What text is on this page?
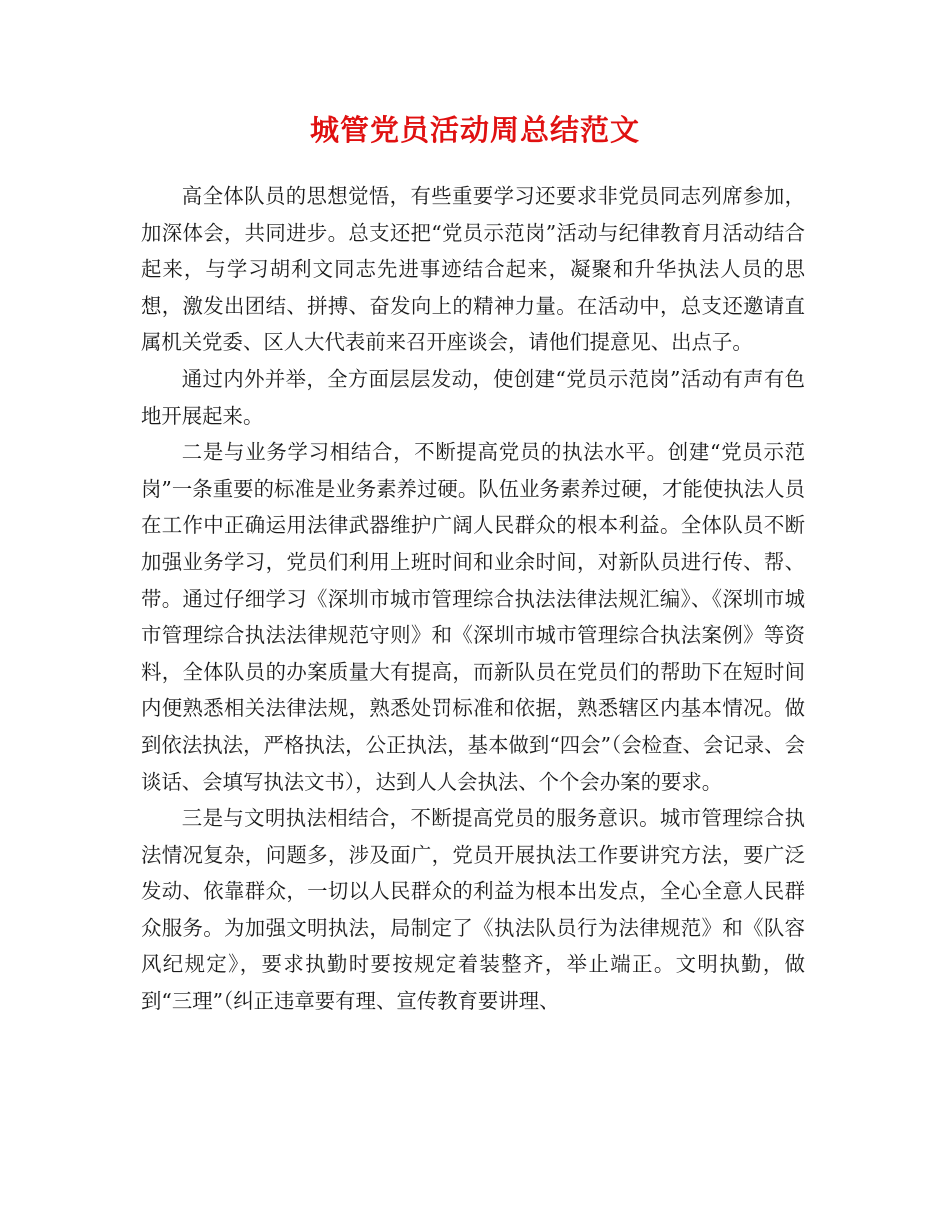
城管党员活动周总结范文

高全体队员的思想觉悟，有些重要学习还要求非党员同志列席参加，加深体会，共同进步。总支还把“党员示范岗”活动与纪律教育月活动结合起来，与学习胡利文同志先进事迹结合起来，凝聚和升华执法人员的思想，激发出团结、拼搏、奋发向上的精神力量。在活动中，总支还邀请直属机关党委、区人大代表前来召开座谈会，请他们提意见、出点子。

通过内外并举，全方面层层发动，使创建“党员示范岗”活动有声有色地开展起来。

二是与业务学习相结合，不断提高党员的执法水平。创建“党员示范岗”一条重要的标准是业务素养过硬。队伍业务素养过硬，才能使执法人员在工作中正确运用法律武器维护广阔人民群众的根本利益。全体队员不断加强业务学习，党员们利用上班时间和业余时间，对新队员进行传、帮、带。通过仔细学习《深圳市城市管理综合执法法律法规汇编》、《深圳市城市管理综合执法法律规范守则》和《深圳市城市管理综合执法案例》等资料，全体队员的办案质量大有提高，而新队员在党员们的帮助下在短时间内便熟悉相关法律法规，熟悉处罚标准和依据，熟悉辖区内基本情况。做到依法执法，严格执法，公正执法，基本做到“四会”（会检查、会记录、会谈话、会填写执法文书），达到人人会执法、个个会办案的要求。

三是与文明执法相结合，不断提高党员的服务意识。城市管理综合执法情况复杂，问题多，涉及面广，党员开展执法工作要讲究方法，要广泛发动、依靠群众，一切以人民群众的利益为根本出发点，全心全意人民群众服务。为加强文明执法，局制定了《执法队员行为法律规范》和《队容风纪规定》，要求执勤时要按规定着装整齐，举止端正。文明执勤，做到“三理”（纠正违章要有理、宣传教育要讲理、
